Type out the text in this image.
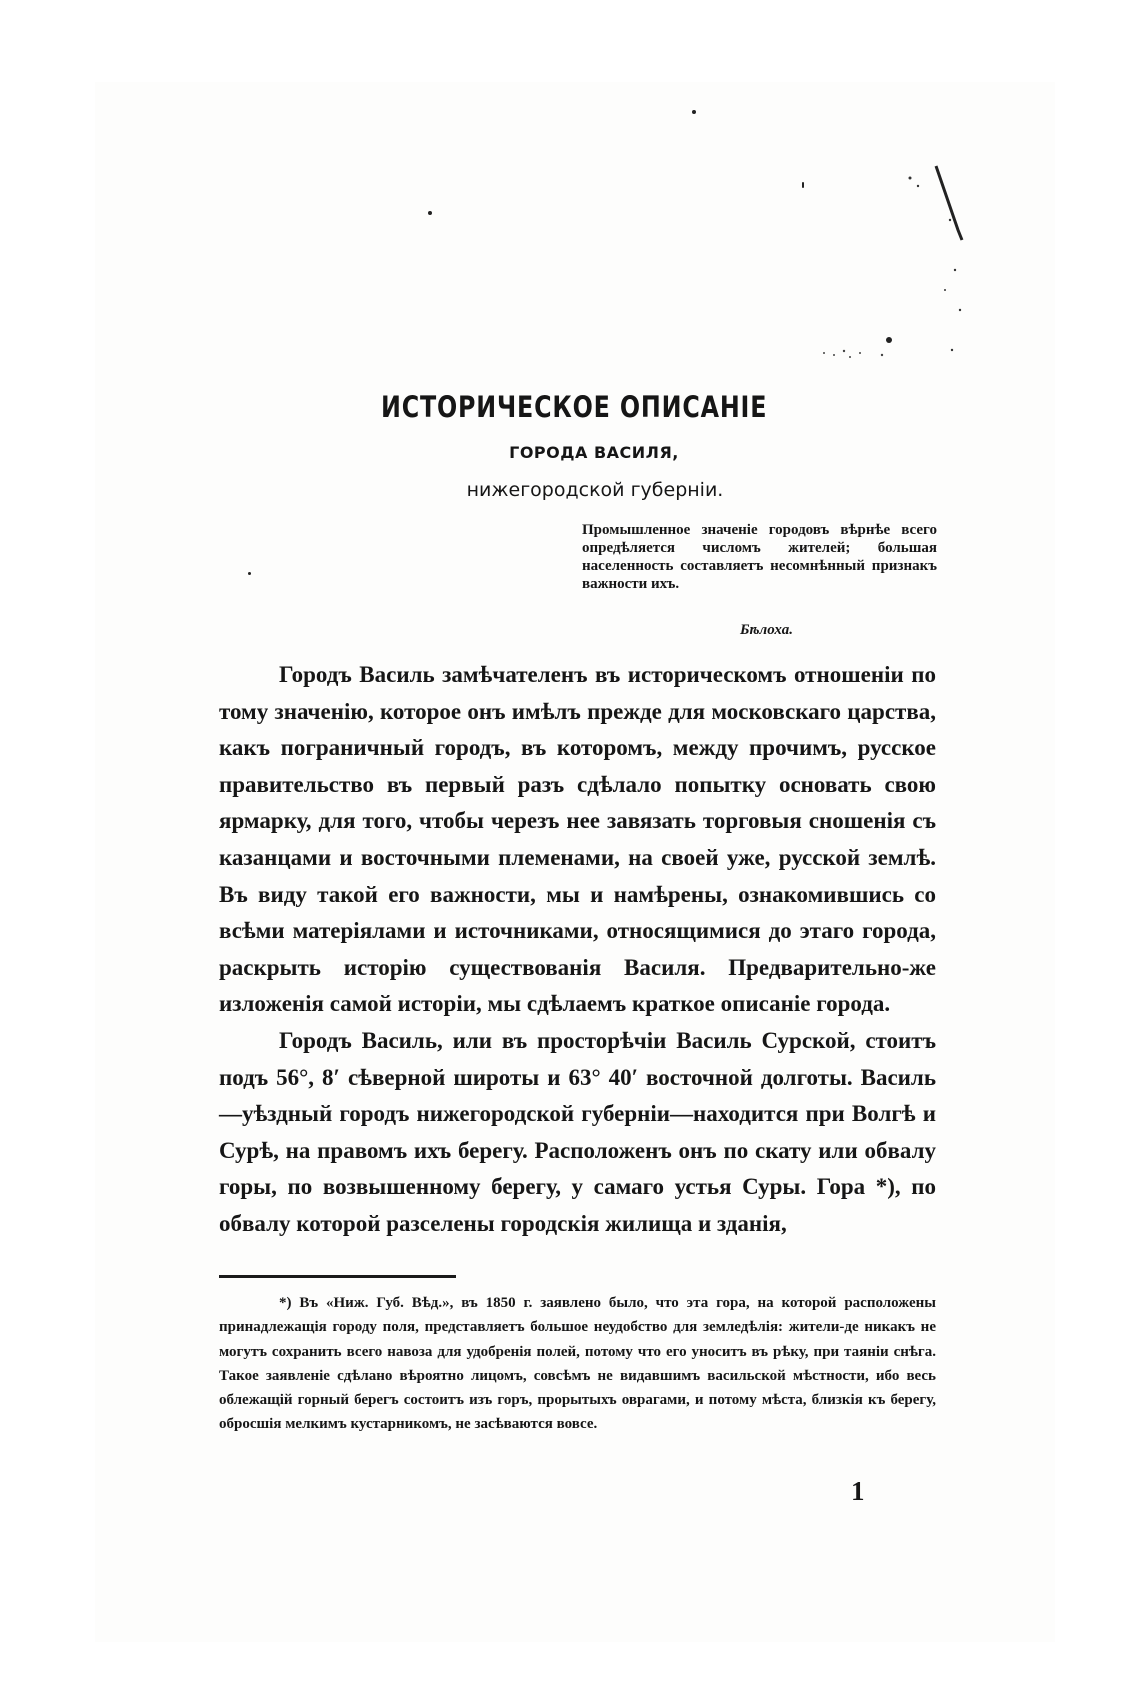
ИСТОРИЧЕСКОЕ ОПИСАНІЕ
ГОРОДА ВАСИЛЯ,
нижегородской губерніи.
Промышленное значеніе городовъ вѣрнѣе всего опредѣляется числомъ жителей; большая населенность составляетъ несомнѣнный признакъ важности ихъ.
Бѣлоха.

Городъ Василь замѣчателенъ въ историческомъ отношеніи по тому значенію, которое онъ имѣлъ прежде для московскаго царства, какъ пограничный городъ, въ которомъ, между прочимъ, русское правительство въ первый разъ сдѣлало попытку основать свою ярмарку, для того, чтобы черезъ нее завязать торговыя сношенія съ казанцами и восточными племенами, на своей уже, русской землѣ. Въ виду такой его важности, мы и намѣрены, ознакомившись со всѣми матеріялами и источниками, относящимися до этаго города, раскрыть исторію существованія Василя. Предварительно-же изложенія самой исторіи, мы сдѣлаемъ краткое описаніе города.

Городъ Василь, или въ просторѣчіи Василь Сурской, стоитъ подъ 56°, 8′ сѣверной широты и 63° 40′ восточной долготы. Василь—уѣздный городъ нижегородской губерніи—находится при Волгѣ и Сурѣ, на правомъ ихъ берегу. Расположенъ онъ по скату или обвалу горы, по возвышенному берегу, у самаго устья Суры. Гора *), по обвалу которой разселены городскія жилища и зданія,

*) Въ «Ниж. Губ. Вѣд.», въ 1850 г. заявлено было, что эта гора, на которой расположены принадлежащія городу поля, представляетъ большое неудобство для земледѣлія: жители-де никакъ не могутъ сохранить всего навоза для удобренія полей, потому что его уноситъ въ рѣку, при таяніи снѣга. Такое заявленіе сдѣлано вѣроятно лицомъ, совсѣмъ не видавшимъ васильской мѣстности, ибо весь облежащій горный берегъ состоитъ изъ горъ, прорытыхъ оврагами, и потому мѣста, близкія къ берегу, обросшія мелкимъ кустарникомъ, не засѣваются вовсе.

1
